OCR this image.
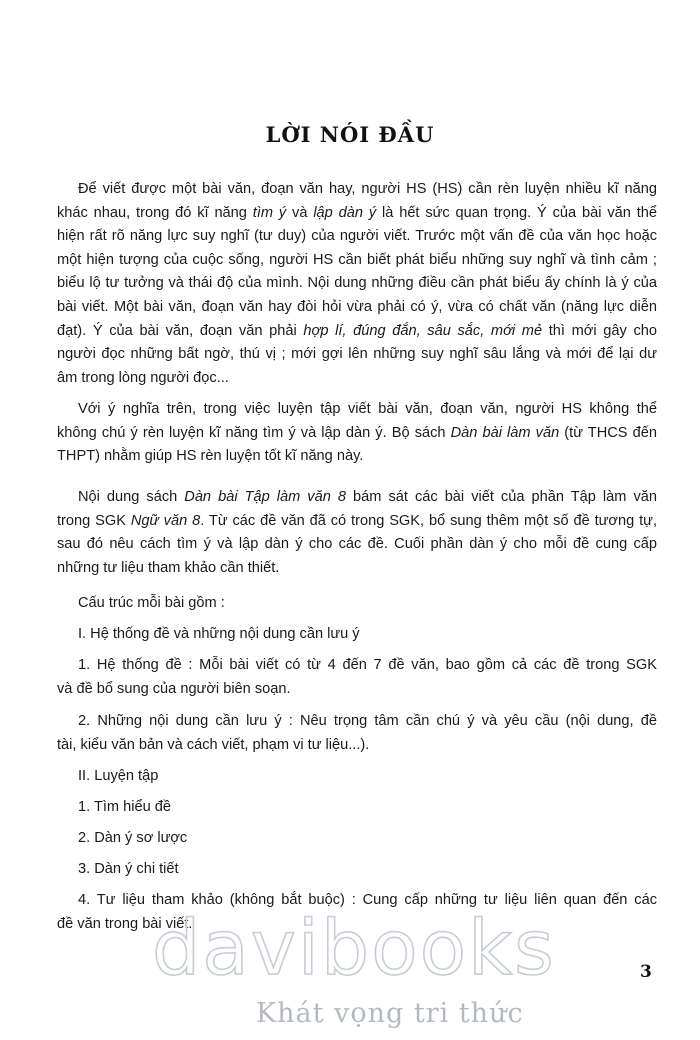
LỜI NÓI ĐẦU
Để viết được một bài văn, đoạn văn hay, người HS (HS) cần rèn luyện nhiều kĩ năng
khác nhau, trong đó kĩ năng tìm ý và lập dàn ý là hết sức quan trọng. Ý của bài văn thể
hiện rất rõ năng lực suy nghĩ (tư duy) của người viết. Trước một vấn đề của văn học hoặc
một hiện tượng của cuộc sống, người HS cần biết phát biểu những suy nghĩ và tình cảm ;
biểu lộ tư tưởng và thái độ của mình. Nội dung những điều cần phát biểu ấy chính là ý của
bài viết. Một bài văn, đoạn văn hay đòi hỏi vừa phải có ý, vừa có chất văn (năng lực diễn
đạt). Ý của bài văn, đoạn văn phải hợp lí, đúng đắn, sâu sắc, mới mẻ thì mới gây cho
người đọc những bất ngờ, thú vị ; mới gợi lên những suy nghĩ sâu lắng và mới để lại dư
âm trong lòng người đọc...
Với ý nghĩa trên, trong việc luyện tập viết bài văn, đoạn văn, người HS không thể
không chú ý rèn luyện kĩ năng tìm ý và lập dàn ý. Bộ sách Dàn bài làm văn (từ THCS đến
THPT) nhằm giúp HS rèn luyện tốt kĩ năng này.
Nội dung sách Dàn bài Tập làm văn 8 bám sát các bài viết của phần Tập làm văn
trong SGK Ngữ văn 8. Từ các đề văn đã có trong SGK, bổ sung thêm một số đề tương tự,
sau đó nêu cách tìm ý và lập dàn ý cho các đề. Cuối phần dàn ý cho mỗi đề cung cấp
những tư liệu tham khảo cần thiết.
Cấu trúc mỗi bài gồm :
I. Hệ thống đề và những nội dung cần lưu ý
1. Hệ thống đề : Mỗi bài viết có từ 4 đến 7 đề văn, bao gồm cả các đề trong SGK
và đề bổ sung của người biên soạn.
2. Những nội dung cần lưu ý : Nêu trọng tâm cần chú ý và yêu cầu (nội dung, đề
tài, kiểu văn bản và cách viết, phạm vi tư liệu...).
II. Luyện tập
1. Tìm hiểu đề
2. Dàn ý sơ lược
3. Dàn ý chi tiết
4. Tư liệu tham khảo (không bắt buộc) : Cung cấp những tư liệu liên quan đến các
đề văn trong bài viết.
3
davibooks
Khát vọng tri thức
